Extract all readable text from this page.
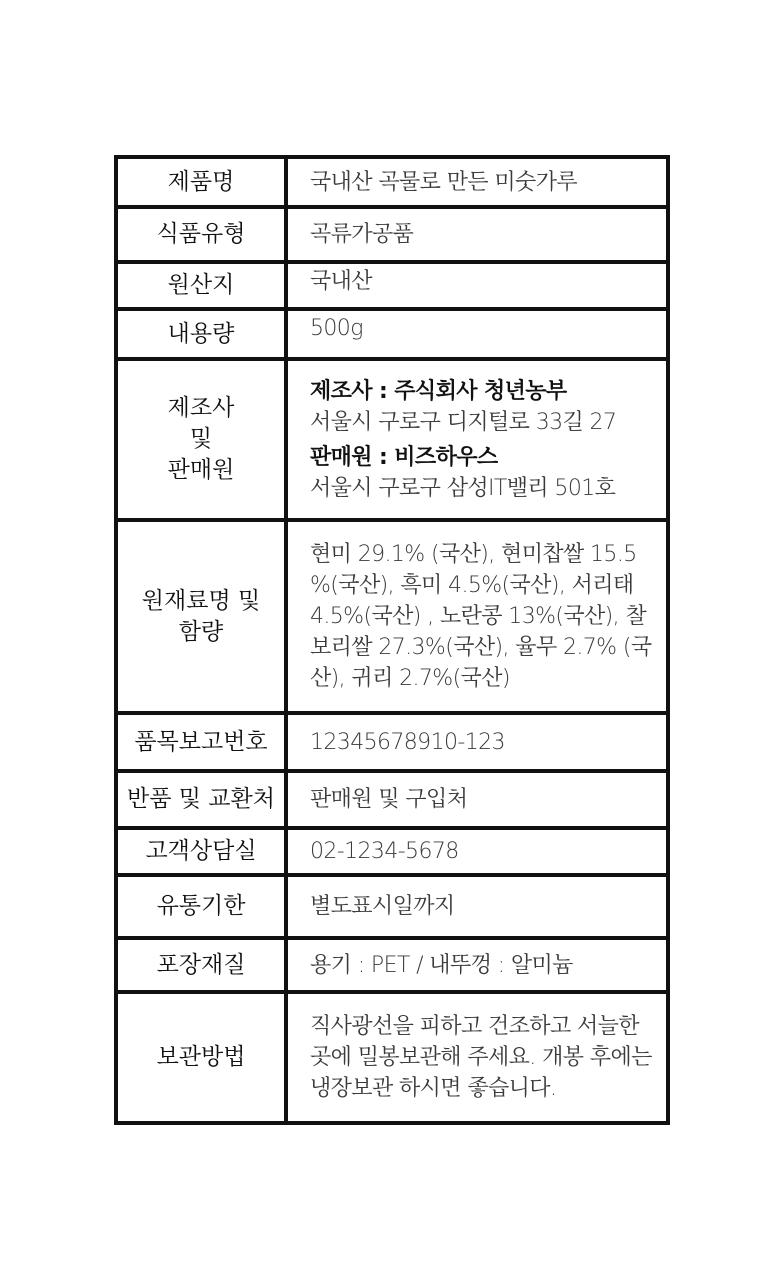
제품명	국내산 곡물로 만든 미숫가루
식품유형	곡류가공품
원산지	국내산
내용량	500g
제조사
및
판매원	제조사 : 주식회사 청년농부
서울시 구로구 디지털로 33길 27
판매원 : 비즈하우스
서울시 구로구 삼성IT밸리 501호

원재료명 및
함량	현미 29.1% (국산), 현미찹쌀 15.5 %(국산), 흑미 4.5%(국산), 서리태 4.5%(국산) , 노란콩 13%(국산), 찰보리쌀 27.3%(국산), 율무 2.7% (국산), 귀리 2.7%(국산)
품목보고번호	12345678910-123
반품 및 교환처	판매원 및 구입처
고객상담실	02-1234-5678
유통기한	별도표시일까지
포장재질	용기 : PET / 내뚜껑 : 알미늄
보관방법	직사광선을 피하고 건조하고 서늘한 곳에 밀봉보관해 주세요. 개봉 후에는 냉장보관 하시면 좋습니다.
